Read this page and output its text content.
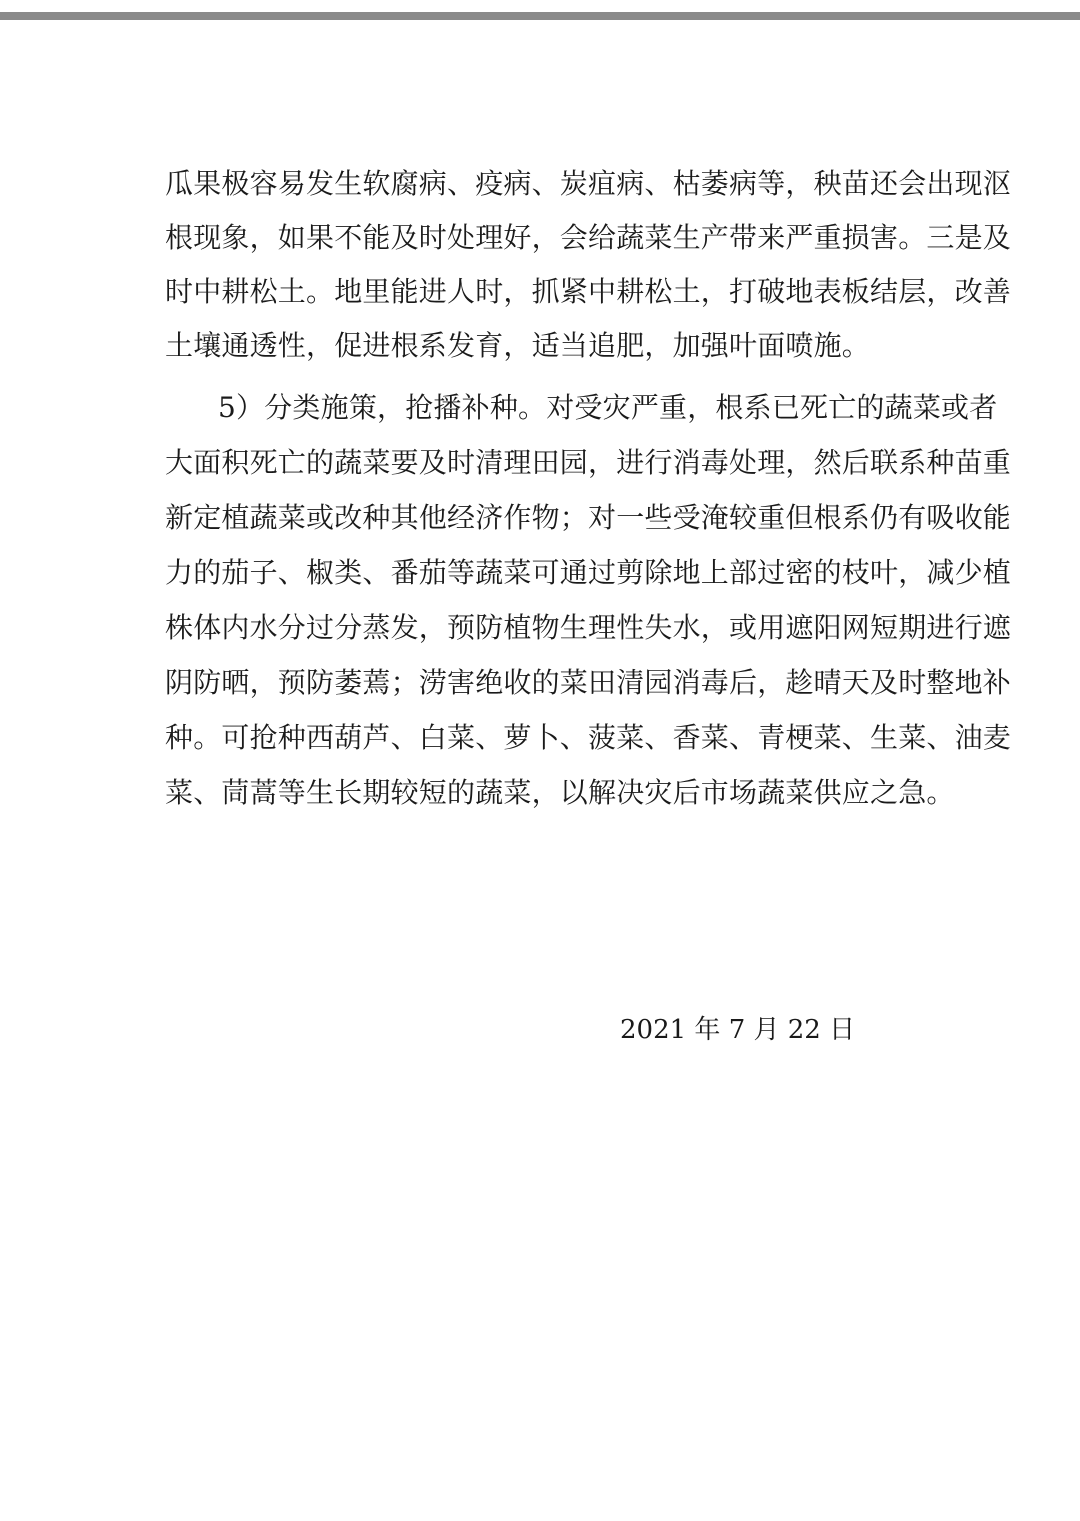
瓜果极容易发生软腐病、疫病、炭疽病、枯萎病等，秧苗还会出现沤
根现象，如果不能及时处理好，会给蔬菜生产带来严重损害。三是及
时中耕松土。地里能进人时，抓紧中耕松土，打破地表板结层，改善
土壤通透性，促进根系发育，适当追肥，加强叶面喷施。
5）分类施策，抢播补种。对受灾严重，根系已死亡的蔬菜或者
大面积死亡的蔬菜要及时清理田园，进行消毒处理，然后联系种苗重
新定植蔬菜或改种其他经济作物；对一些受淹较重但根系仍有吸收能
力的茄子、椒类、番茄等蔬菜可通过剪除地上部过密的枝叶，减少植
株体内水分过分蒸发，预防植物生理性失水，或用遮阳网短期进行遮
阴防晒，预防萎蔫；涝害绝收的菜田清园消毒后，趁晴天及时整地补
种。可抢种西葫芦、白菜、萝卜、菠菜、香菜、青梗菜、生菜、油麦
菜、茼蒿等生长期较短的蔬菜，以解决灾后市场蔬菜供应之急。
2021 年 7 月 22 日
